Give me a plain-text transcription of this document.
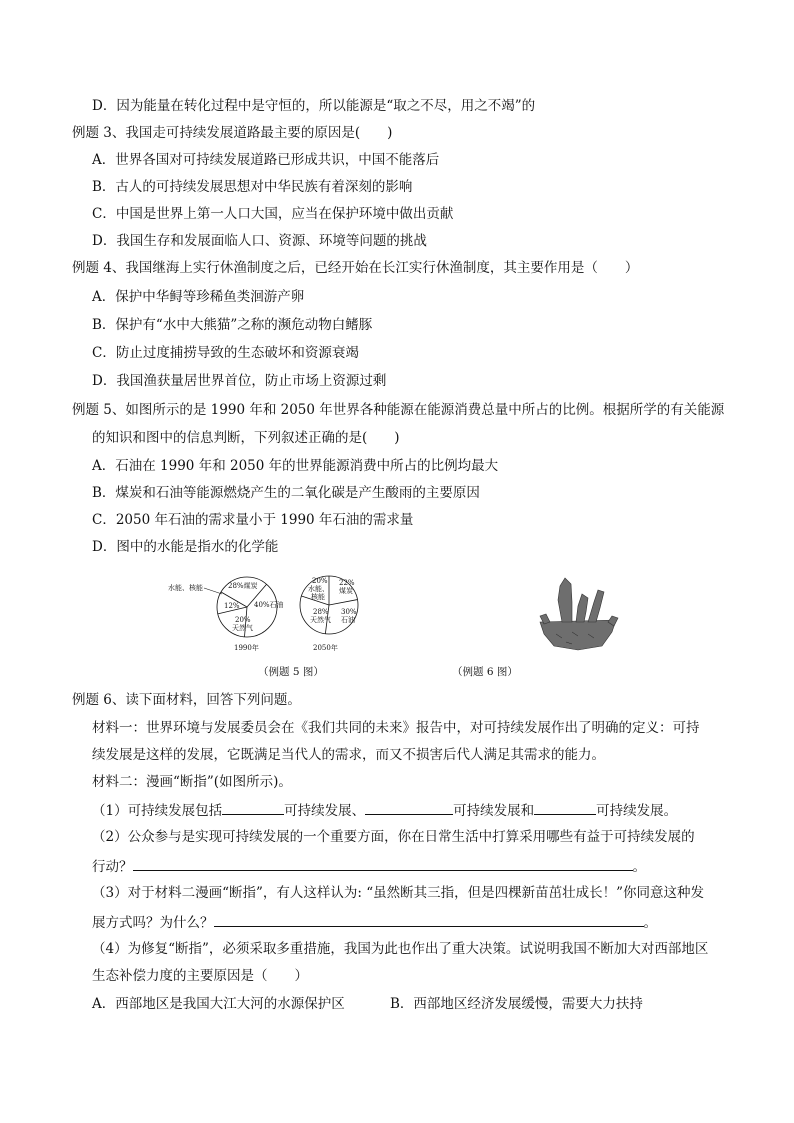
D．因为能量在转化过程中是守恒的，所以能源是“取之不尽，用之不竭”的
例题 3、我国走可持续发展道路最主要的原因是(　　)
A．世界各国对可持续发展道路已形成共识，中国不能落后
B．古人的可持续发展思想对中华民族有着深刻的影响
C．中国是世界上第一人口大国，应当在保护环境中做出贡献
D．我国生存和发展面临人口、资源、环境等问题的挑战
例题 4、我国继海上实行休渔制度之后，已经开始在长江实行休渔制度，其主要作用是（　　）
A．保护中华鲟等珍稀鱼类洄游产卵
B．保护有“水中大熊猫”之称的濒危动物白鳍豚
C．防止过度捕捞导致的生态破坏和资源衰竭
D．我国渔获量居世界首位，防止市场上资源过剩
例题 5、如图所示的是 1990 年和 2050 年世界各种能源在能源消费总量中所占的比例。根据所学的有关能源
的知识和图中的信息判断，下列叙述正确的是(　　)
A．石油在 1990 年和 2050 年的世界能源消费中所占的比例均最大
B．煤炭和石油等能源燃烧产生的二氧化碳是产生酸雨的主要原因
C．2050 年石油的需求量小于 1990 年石油的需求量
D．图中的水能是指水的化学能
水能、核能	28%煤炭
40%石油
20%
天然气
12%
20%
水能、
核能
22%
煤炭
28%
天然气
30%
石油
1990年	2050年
（例题 5 图）	（例题 6 图）
例题 6、读下面材料，回答下列问题。
材料一：世界环境与发展委员会在《我们共同的未来》报告中，对可持续发展作出了明确的定义：可持
续发展是这样的发展，它既满足当代人的需求，而又不损害后代人满足其需求的能力。
材料二：漫画“断指”(如图所示)。
（1）可持续发展包括	可持续发展、	可持续发展和	可持续发展。
（2）公众参与是实现可持续发展的一个重要方面，你在日常生活中打算采用哪些有益于可持续发展的
行动？	。
（3）对于材料二漫画“断指”，有人这样认为: “虽然断其三指，但是四棵新苗茁壮成长！”你同意这种发
展方式吗？为什么？	。
（4）为修复“断指”，必须采取多重措施，我国为此也作出了重大决策。试说明我国不断加大对西部地区
生态补偿力度的主要原因是（　　）
A．西部地区是我国大江大河的水源保护区	B．西部地区经济发展缓慢，需要大力扶持
